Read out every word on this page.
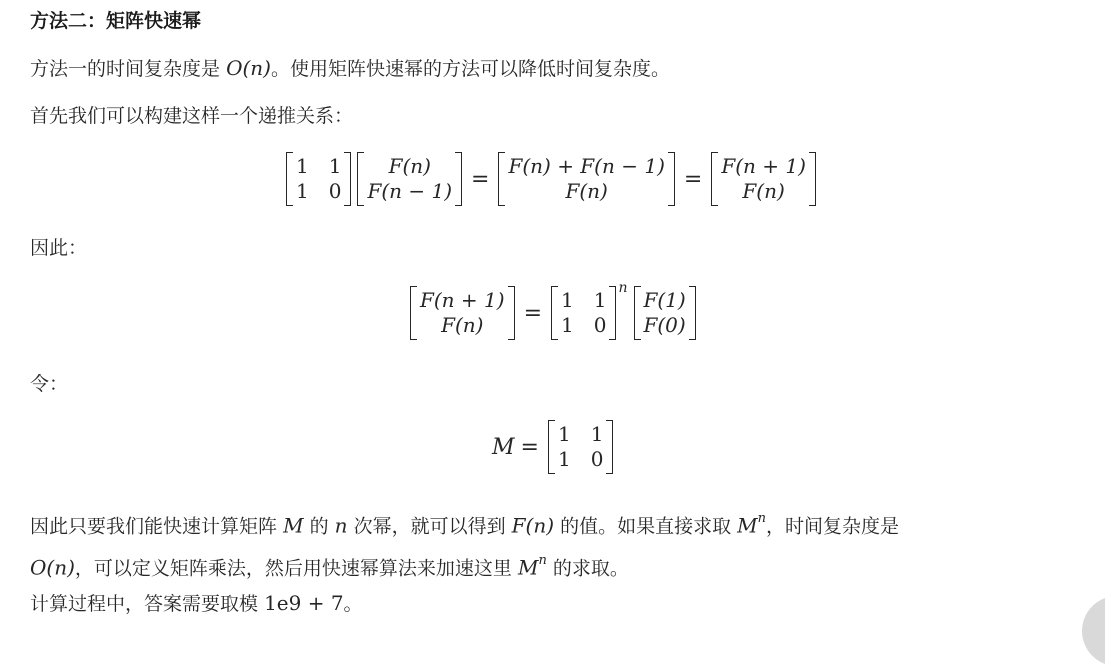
方法二：矩阵快速幂
方法一的时间复杂度是 O(n)。使用矩阵快速幂的方法可以降低时间复杂度。
首先我们可以构建这样一个递推关系：
1 1
1 0
F(n)
F(n − 1) =
F(n) + F(n − 1)
F(n)	=
F(n + 1)
F(n)
因此：
F(n + 1)
F(n)	=
1 1
1 0
n F(1)
F(0)
令：
M =
1 1
1 0
因此只要我们能快速计算矩阵 M 的 n 次幂，就可以得到 F(n) 的值。如果直接求取 $M^n$，时间复杂度是
O(n)，可以定义矩阵乘法，然后用快速幂算法来加速这里 $M^n$ 的求取。
计算过程中，答案需要取模 1e9 + 7。
